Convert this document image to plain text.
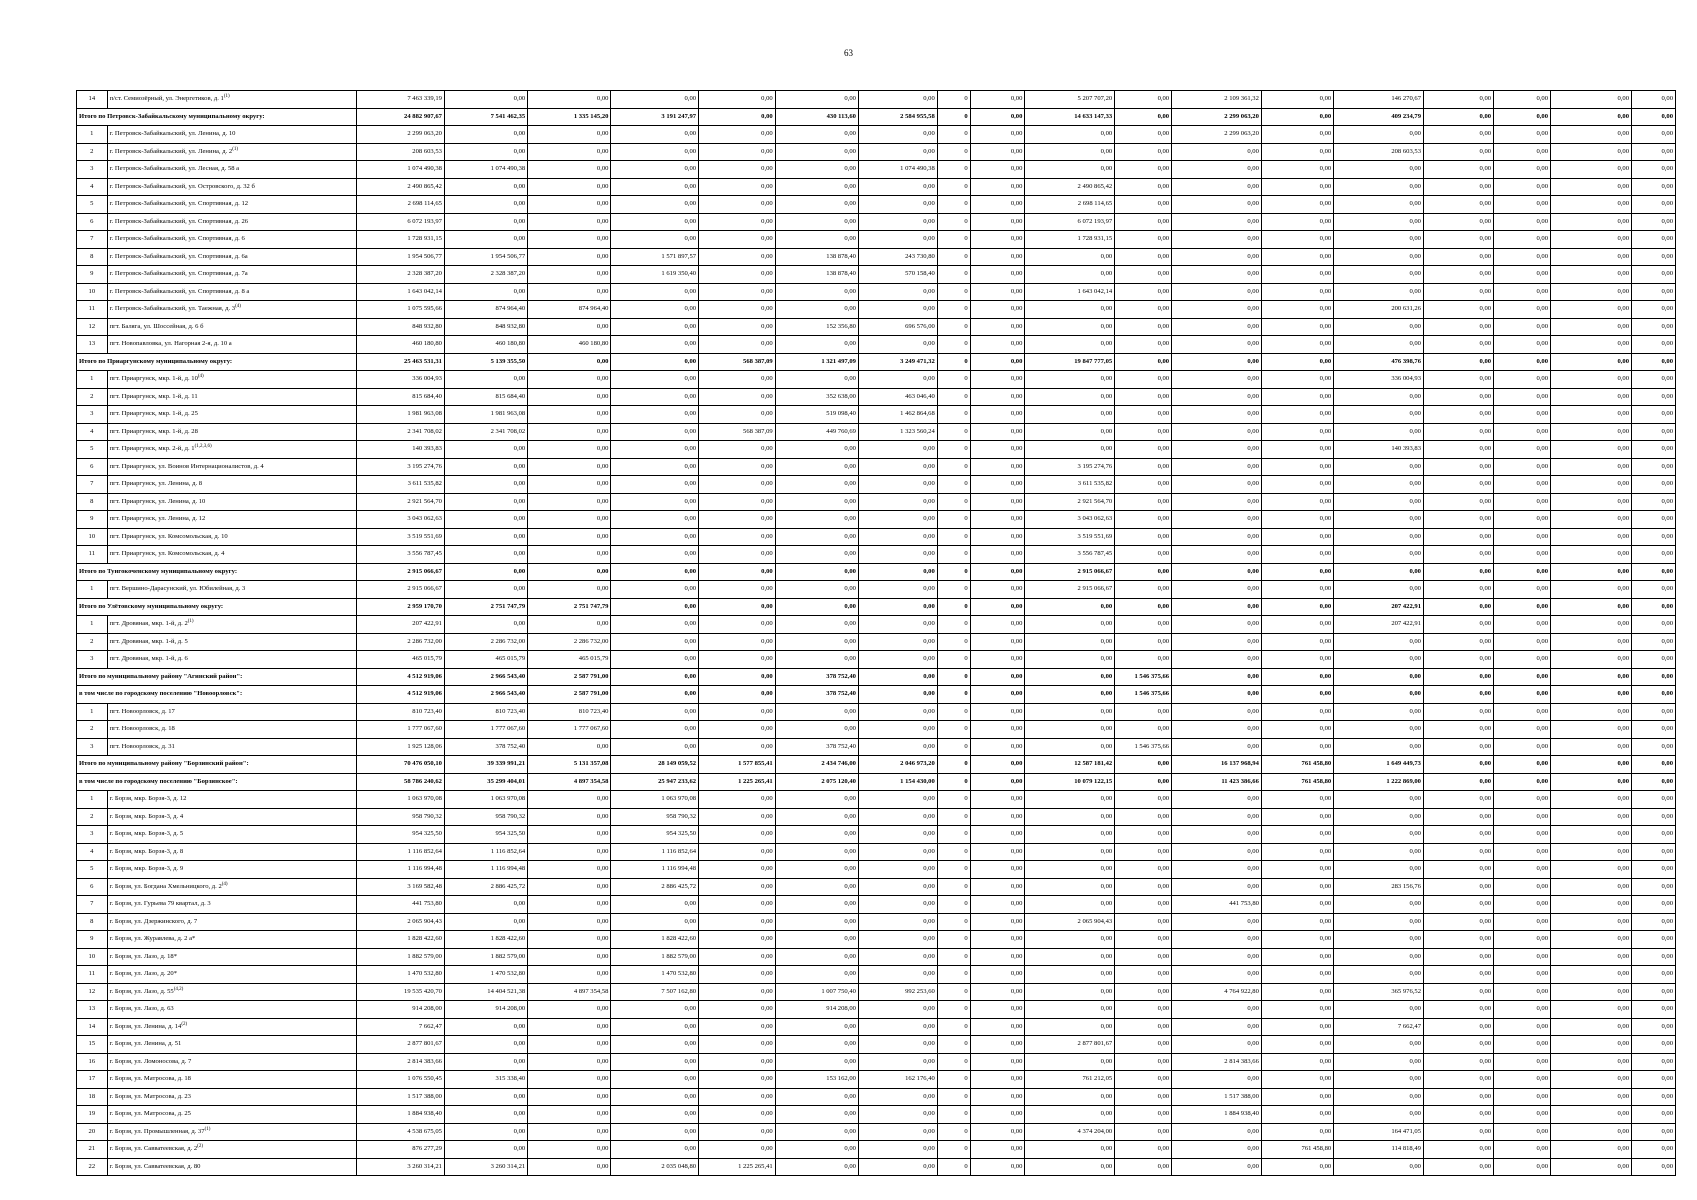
63
14	п/ст. Семиозёрный, ул. Энергетиков, д. 1$^{(1)}$	7 463 339,19	0,00	0,00	0,00	0,00	0,00	0,00	0	0,00	5 207 707,20	0,00	2 109 361,32	0,00	146 270,67	0,00	0,00	0,00	0,00
Итого по Петровск-Забайкальскому муниципальному округу:		24 882 907,67	7 541 462,35	1 335 145,20	3 191 247,97	0,00	430 113,60	2 584 955,58	0	0,00	14 633 147,33	0,00	2 299 063,20	0,00	409 234,79	0,00	0,00	0,00	0,00
1	г. Петровск-Забайкальский, ул. Ленина, д. 10	2 299 063,20	0,00	0,00	0,00	0,00	0,00	0,00	0	0,00	0,00	0,00	2 299 063,20	0,00	0,00	0,00	0,00	0,00	0,00
2	г. Петровск-Забайкальский, ул. Ленина, д. 2$^{(1)}$	208 603,53	0,00	0,00	0,00	0,00	0,00	0,00	0	0,00	0,00	0,00	0,00	0,00	208 603,53	0,00	0,00	0,00	0,00
3	г. Петровск-Забайкальский, ул. Лесная, д. 58 а	1 074 490,38	1 074 490,38	0,00	0,00	0,00	0,00	1 074 490,38	0	0,00	0,00	0,00	0,00	0,00	0,00	0,00	0,00	0,00	0,00
4	г. Петровск-Забайкальский, ул. Островского, д. 32 б	2 490 865,42	0,00	0,00	0,00	0,00	0,00	0,00	0	0,00	2 490 865,42	0,00	0,00	0,00	0,00	0,00	0,00	0,00	0,00
5	г. Петровск-Забайкальский, ул. Спортивная, д. 12	2 698 114,65	0,00	0,00	0,00	0,00	0,00	0,00	0	0,00	2 698 114,65	0,00	0,00	0,00	0,00	0,00	0,00	0,00	0,00
6	г. Петровск-Забайкальский, ул. Спортивная, д. 26	6 072 193,97	0,00	0,00	0,00	0,00	0,00	0,00	0	0,00	6 072 193,97	0,00	0,00	0,00	0,00	0,00	0,00	0,00	0,00
7	г. Петровск-Забайкальский, ул. Спортивная, д. 6	1 728 931,15	0,00	0,00	0,00	0,00	0,00	0,00	0	0,00	1 728 931,15	0,00	0,00	0,00	0,00	0,00	0,00	0,00	0,00
8	г. Петровск-Забайкальский, ул. Спортивная, д. 6а	1 954 506,77	1 954 506,77	0,00	1 571 897,57	0,00	138 878,40	243 730,80	0	0,00	0,00	0,00	0,00	0,00	0,00	0,00	0,00	0,00	0,00
9	г. Петровск-Забайкальский, ул. Спортивная, д. 7а	2 328 387,20	2 328 387,20	0,00	1 619 350,40	0,00	138 878,40	570 158,40	0	0,00	0,00	0,00	0,00	0,00	0,00	0,00	0,00	0,00	0,00
10	г. Петровск-Забайкальский, ул. Спортивная, д. 8 а	1 643 042,14	0,00	0,00	0,00	0,00	0,00	0,00	0	0,00	1 643 042,14	0,00	0,00	0,00	0,00	0,00	0,00	0,00	0,00
11	г. Петровск-Забайкальский, ул. Таежная, д. 3$^{(4)}$	1 075 595,66	874 964,40	874 964,40	0,00	0,00	0,00	0,00	0	0,00	0,00	0,00	0,00	0,00	200 631,26	0,00	0,00	0,00	0,00
12	пгт. Балягa, ул. Шоссейная, д. 6 б	848 932,80	848 932,80	0,00	0,00	0,00	152 356,80	696 576,00	0	0,00	0,00	0,00	0,00	0,00	0,00	0,00	0,00	0,00	0,00
13	пгт. Новопавловка, ул. Нагорная 2-я, д. 10 а	460 180,80	460 180,80	460 180,80	0,00	0,00	0,00	0,00	0	0,00	0,00	0,00	0,00	0,00	0,00	0,00	0,00	0,00	0,00
Итого по Приаргунскому муниципальному округу:		25 463 531,31	5 139 355,50	0,00	0,00	568 387,09	1 321 497,09	3 249 471,32	0	0,00	19 847 777,05	0,00	0,00	0,00	476 398,76	0,00	0,00	0,00	0,00
1	пгт. Приаргунск, мкр. 1-й, д. 10$^{(4)}$	336 004,93	0,00	0,00	0,00	0,00	0,00	0,00	0	0,00	0,00	0,00	0,00	0,00	336 004,93	0,00	0,00	0,00	0,00
2	пгт. Приаргунск, мкр. 1-й, д. 11	815 684,40	815 684,40	0,00	0,00	0,00	352 638,00	463 046,40	0	0,00	0,00	0,00	0,00	0,00	0,00	0,00	0,00	0,00	0,00
3	пгт. Приаргунск, мкр. 1-й, д. 25	1 981 963,08	1 981 963,08	0,00	0,00	0,00	519 098,40	1 462 864,68	0	0,00	0,00	0,00	0,00	0,00	0,00	0,00	0,00	0,00	0,00
4	пгт. Приаргунск, мкр. 1-й, д. 28	2 341 708,02	2 341 708,02	0,00	0,00	568 387,09	449 760,69	1 323 560,24	0	0,00	0,00	0,00	0,00	0,00	0,00	0,00	0,00	0,00	0,00
5	пгт. Приаргунск, мкр. 2-й, д. 1$^{(1,2,3,6)}$	140 393,83	0,00	0,00	0,00	0,00	0,00	0,00	0	0,00	0,00	0,00	0,00	0,00	140 393,83	0,00	0,00	0,00	0,00
6	пгт. Приаргунск, ул. Воинов Интернационалистов, д. 4	3 195 274,76	0,00	0,00	0,00	0,00	0,00	0,00	0	0,00	3 195 274,76	0,00	0,00	0,00	0,00	0,00	0,00	0,00	0,00
7	пгт. Приаргунск, ул. Ленина, д. 8	3 611 535,82	0,00	0,00	0,00	0,00	0,00	0,00	0	0,00	3 611 535,82	0,00	0,00	0,00	0,00	0,00	0,00	0,00	0,00
8	пгт. Приаргунск, ул. Ленина, д. 10	2 921 564,70	0,00	0,00	0,00	0,00	0,00	0,00	0	0,00	2 921 564,70	0,00	0,00	0,00	0,00	0,00	0,00	0,00	0,00
9	пгт. Приаргунск, ул. Ленина, д. 12	3 043 062,63	0,00	0,00	0,00	0,00	0,00	0,00	0	0,00	3 043 062,63	0,00	0,00	0,00	0,00	0,00	0,00	0,00	0,00
10	пгт. Приаргунск, ул. Комсомольская, д. 10	3 519 551,69	0,00	0,00	0,00	0,00	0,00	0,00	0	0,00	3 519 551,69	0,00	0,00	0,00	0,00	0,00	0,00	0,00	0,00
11	пгт. Приаргунск, ул. Комсомольская, д. 4	3 556 787,45	0,00	0,00	0,00	0,00	0,00	0,00	0	0,00	3 556 787,45	0,00	0,00	0,00	0,00	0,00	0,00	0,00	0,00
Итого по Тунгокоченскому муниципальному округу:		2 915 066,67	0,00	0,00	0,00	0,00	0,00	0,00	0	0,00	2 915 066,67	0,00	0,00	0,00	0,00	0,00	0,00	0,00	0,00
1	пгт. Вершино-Дарасунский, ул. Юбилейная, д. 3	2 915 066,67	0,00	0,00	0,00	0,00	0,00	0,00	0	0,00	2 915 066,67	0,00	0,00	0,00	0,00	0,00	0,00	0,00	0,00
Итого по Улётовскому муниципальному округу:		2 959 170,70	2 751 747,79	2 751 747,79	0,00	0,00	0,00	0,00	0	0,00	0,00	0,00	0,00	0,00	207 422,91	0,00	0,00	0,00	0,00
1	пгт. Дровяная, мкр. 1-й, д. 2$^{(1)}$	207 422,91	0,00	0,00	0,00	0,00	0,00	0,00	0	0,00	0,00	0,00	0,00	0,00	207 422,91	0,00	0,00	0,00	0,00
2	пгт. Дровяная, мкр. 1-й, д. 5	2 286 732,00	2 286 732,00	2 286 732,00	0,00	0,00	0,00	0,00	0	0,00	0,00	0,00	0,00	0,00	0,00	0,00	0,00	0,00	0,00
3	пгт. Дровяная, мкр. 1-й, д. 6	465 015,79	465 015,79	465 015,79	0,00	0,00	0,00	0,00	0	0,00	0,00	0,00	0,00	0,00	0,00	0,00	0,00	0,00	0,00
Итого по муниципальному району "Агинский район":		4 512 919,06	2 966 543,40	2 587 791,00	0,00	0,00	378 752,40	0,00	0	0,00	0,00	1 546 375,66	0,00	0,00	0,00	0,00	0,00	0,00	0,00
в том числе по городскому поселению "Новоорловск":		4 512 919,06	2 966 543,40	2 587 791,00	0,00	0,00	378 752,40	0,00	0	0,00	0,00	1 546 375,66	0,00	0,00	0,00	0,00	0,00	0,00	0,00
1	пгт. Новоорловск, д. 17	810 723,40	810 723,40	810 723,40	0,00	0,00	0,00	0,00	0	0,00	0,00	0,00	0,00	0,00	0,00	0,00	0,00	0,00	0,00
2	пгт. Новоорловск, д. 18	1 777 067,60	1 777 067,60	1 777 067,60	0,00	0,00	0,00	0,00	0	0,00	0,00	0,00	0,00	0,00	0,00	0,00	0,00	0,00	0,00
3	пгт. Новоорловск, д. 31	1 925 128,06	378 752,40	0,00	0,00	0,00	378 752,40	0,00	0	0,00	0,00	1 546 375,66	0,00	0,00	0,00	0,00	0,00	0,00	0,00
Итого по муниципальному району "Борзинский район":		70 476 050,10	39 339 991,21	5 131 357,08	28 149 059,52	1 577 855,41	2 434 746,00	2 046 973,20	0	0,00	12 587 181,42	0,00	16 137 968,94	761 458,80	1 649 449,73	0,00	0,00	0,00	0,00
в том числе по городскому поселению "Борзинское":		58 786 240,62	35 299 404,01	4 897 354,58	25 947 233,62	1 225 265,41	2 075 120,40	1 154 430,00	0	0,00	10 079 122,15	0,00	11 423 386,66	761 458,80	1 222 869,00	0,00	0,00	0,00	0,00
1	г. Борзя, мкр. Борзя-3, д. 12	1 063 970,08	1 063 970,08	0,00	1 063 970,08	0,00	0,00	0,00	0	0,00	0,00	0,00	0,00	0,00	0,00	0,00	0,00	0,00	0,00
2	г. Борзя, мкр. Борзя-3, д. 4	958 790,32	958 790,32	0,00	958 790,32	0,00	0,00	0,00	0	0,00	0,00	0,00	0,00	0,00	0,00	0,00	0,00	0,00	0,00
3	г. Борзя, мкр. Борзя-3, д. 5	954 325,50	954 325,50	0,00	954 325,50	0,00	0,00	0,00	0	0,00	0,00	0,00	0,00	0,00	0,00	0,00	0,00	0,00	0,00
4	г. Борзя, мкр. Борзя-3, д. 8	1 116 852,64	1 116 852,64	0,00	1 116 852,64	0,00	0,00	0,00	0	0,00	0,00	0,00	0,00	0,00	0,00	0,00	0,00	0,00	0,00
5	г. Борзя, мкр. Борзя-3, д. 9	1 116 994,48	1 116 994,48	0,00	1 116 994,48	0,00	0,00	0,00	0	0,00	0,00	0,00	0,00	0,00	0,00	0,00	0,00	0,00	0,00
6	г. Борзя, ул. Богдана Хмельницкого, д. 2$^{(4)}$	3 169 582,48	2 886 425,72	0,00	2 886 425,72	0,00	0,00	0,00	0	0,00	0,00	0,00	0,00	0,00	283 156,76	0,00	0,00	0,00	0,00
7	г. Борзя, ул. Гурьева 79 квартал, д. 3	441 753,80	0,00	0,00	0,00	0,00	0,00	0,00	0	0,00	0,00	0,00	441 753,80	0,00	0,00	0,00	0,00	0,00	0,00
8	г. Борзя, ул. Дзержинского, д. 7	2 065 904,43	0,00	0,00	0,00	0,00	0,00	0,00	0	0,00	2 065 904,43	0,00	0,00	0,00	0,00	0,00	0,00	0,00	0,00
9	г. Борзя, ул. Журавлева, д. 2 а*	1 828 422,60	1 828 422,60	0,00	1 828 422,60	0,00	0,00	0,00	0	0,00	0,00	0,00	0,00	0,00	0,00	0,00	0,00	0,00	0,00
10	г. Борзя, ул. Лазо, д. 18*	1 882 579,00	1 882 579,00	0,00	1 882 579,00	0,00	0,00	0,00	0	0,00	0,00	0,00	0,00	0,00	0,00	0,00	0,00	0,00	0,00
11	г. Борзя, ул. Лазо, д. 20*	1 470 532,80	1 470 532,80	0,00	1 470 532,80	0,00	0,00	0,00	0	0,00	0,00	0,00	0,00	0,00	0,00	0,00	0,00	0,00	0,00
12	г. Борзя, ул. Лазо, д. 55$^{(4,2)}$	19 535 420,70	14 404 521,38	4 897 354,58	7 507 162,80	0,00	1 007 750,40	992 253,60	0	0,00	0,00	0,00	4 764 922,80	0,00	365 976,52	0,00	0,00	0,00	0,00
13	г. Борзя, ул. Лазо, д. 63	914 208,00	914 208,00	0,00	0,00	0,00	914 208,00	0,00	0	0,00	0,00	0,00	0,00	0,00	0,00	0,00	0,00	0,00	0,00
14	г. Борзя, ул. Ленина, д. 14$^{(2)}$	7 662,47	0,00	0,00	0,00	0,00	0,00	0,00	0	0,00	0,00	0,00	0,00	0,00	7 662,47	0,00	0,00	0,00	0,00
15	г. Борзя, ул. Ленина, д. 51	2 877 801,67	0,00	0,00	0,00	0,00	0,00	0,00	0	0,00	2 877 801,67	0,00	0,00	0,00	0,00	0,00	0,00	0,00	0,00
16	г. Борзя, ул. Ломоносова, д. 7	2 814 383,66	0,00	0,00	0,00	0,00	0,00	0,00	0	0,00	0,00	0,00	2 814 383,66	0,00	0,00	0,00	0,00	0,00	0,00
17	г. Борзя, ул. Матросова, д. 18	1 076 550,45	315 338,40	0,00	0,00	0,00	153 162,00	162 176,40	0	0,00	761 212,05	0,00	0,00	0,00	0,00	0,00	0,00	0,00	0,00
18	г. Борзя, ул. Матросова, д. 23	1 517 388,00	0,00	0,00	0,00	0,00	0,00	0,00	0	0,00	0,00	0,00	1 517 388,00	0,00	0,00	0,00	0,00	0,00	0,00
19	г. Борзя, ул. Матросова, д. 25	1 884 938,40	0,00	0,00	0,00	0,00	0,00	0,00	0	0,00	0,00	0,00	1 884 938,40	0,00	0,00	0,00	0,00	0,00	0,00
20	г. Борзя, ул. Промышленная, д. 37$^{(1)}$	4 538 675,05	0,00	0,00	0,00	0,00	0,00	0,00	0	0,00	4 374 204,00	0,00	0,00	0,00	164 471,05	0,00	0,00	0,00	0,00
21	г. Борзя, ул. Савватеевская, д. 2$^{(2)}$	876 277,29	0,00	0,00	0,00	0,00	0,00	0,00	0	0,00	0,00	0,00	0,00	761 458,80	114 818,49	0,00	0,00	0,00	0,00
22	г. Борзя, ул. Савватеевская, д. 80	3 260 314,21	3 260 314,21	0,00	2 035 048,80	1 225 265,41	0,00	0,00	0	0,00	0,00	0,00	0,00	0,00	0,00	0,00	0,00	0,00	0,00
